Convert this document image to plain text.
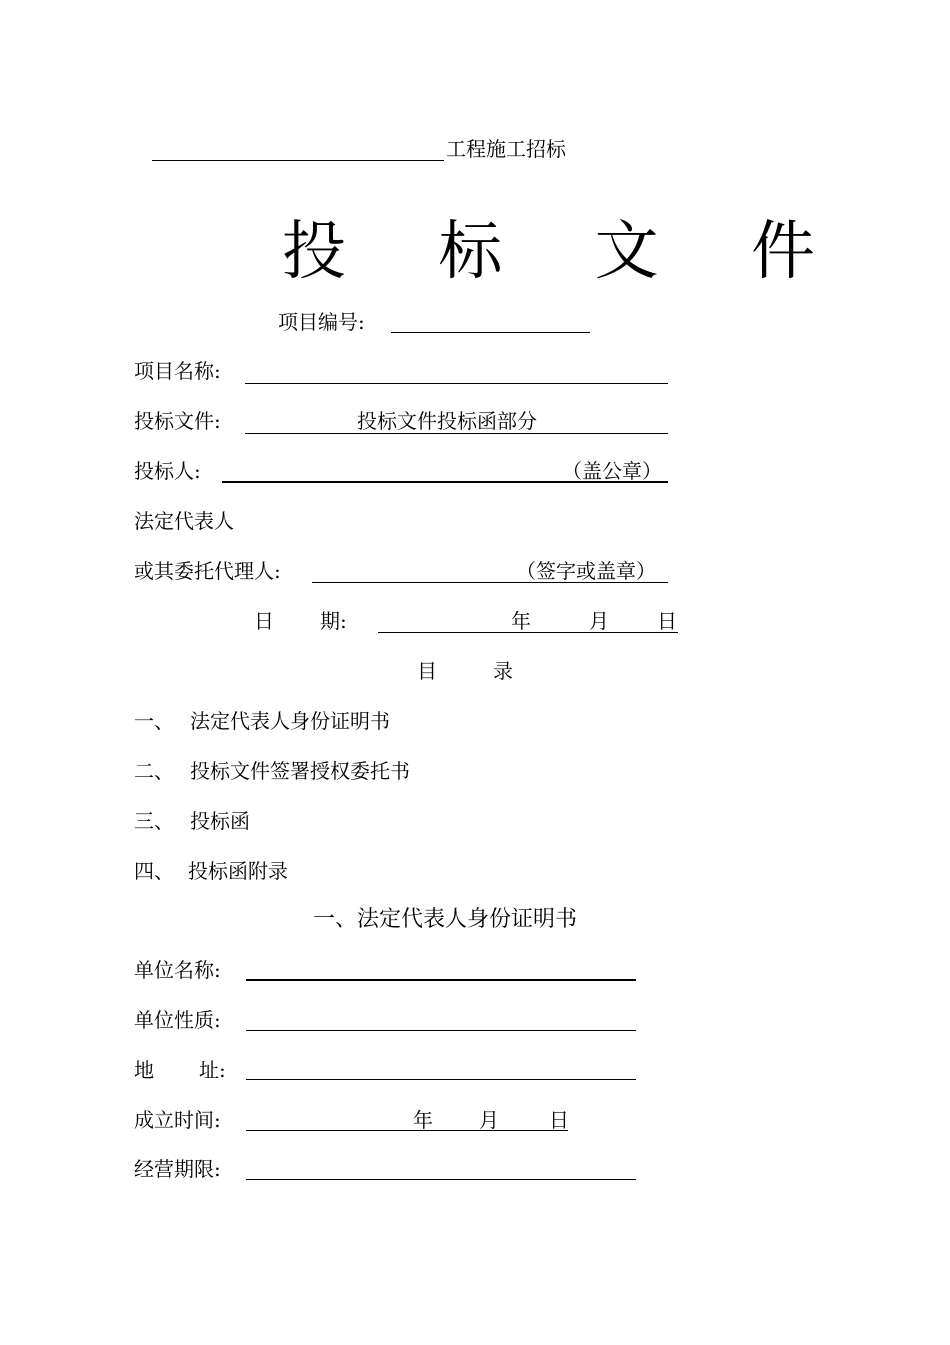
工程施工招标
投 标 文 件
项目编号:
项目名称:
投标文件:	投标文件投标函部分
投标人:	（盖公章）
法定代表人
或其委托代理人:	（签字或盖章）
日 期:	年	月 日
目	录
一、 法定代表人身份证明书
二、 投标文件签署授权委托书
三、 投标函
四、 投标函附录
一、法定代表人身份证明书
单位名称:
单位性质:
地 址:
成立时间:	年 月	日
经营期限:
